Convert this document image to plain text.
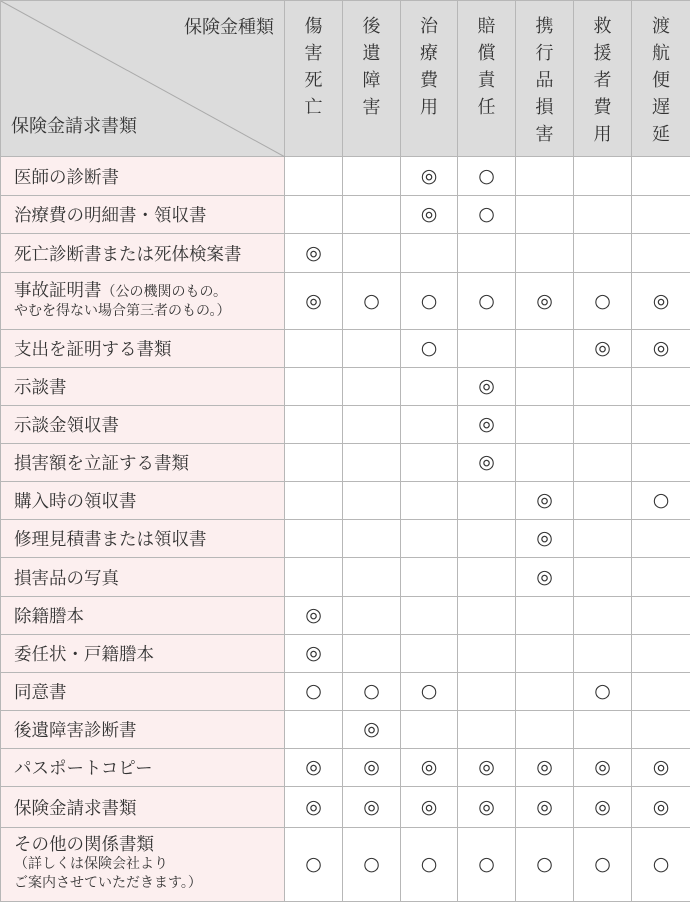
保険金種類
保険金請求書類	傷害死亡	後遺障害	治療費用	賠償責任	携行品損害	救援者費用	渡航便遅延
医師の診断書			◎	○			
治療費の明細書・領収書			◎	○			
死亡診断書または死体検案書	◎						
事故証明書（公の機関のもの。
やむを得ない場合第三者のもの。）	◎	○	○	○	◎	○	◎
支出を証明する書類			○			◎	◎
示談書				◎			
示談金領収書				◎			
損害額を立証する書類				◎			
購入時の領収書					◎		○
修理見積書または領収書					◎		
損害品の写真					◎		
除籍謄本	◎						
委任状・戸籍謄本	◎						
同意書	○	○	○			○	
後遺障害診断書		◎					
パスポートコピー	◎	◎	◎	◎	◎	◎	◎
保険金請求書類	◎	◎	◎	◎	◎	◎	◎
その他の関係書類
（詳しくは保険会社より
ご案内させていただきます。）	○	○	○	○	○	○	○
